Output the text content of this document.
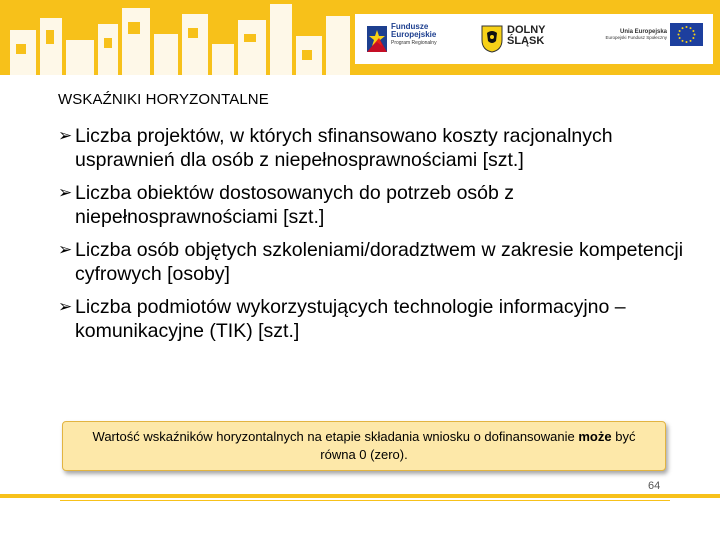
Fundusze
Europejskie
Program Regionalny
DOLNY
ŚLĄSK
Unia Europejska
Europejski Fundusz Społeczny
WSKAŹNIKI HORYZONTALNE
➢ Liczba projektów, w których sfinansowano koszty racjonalnych usprawnień dla osób z niepełnosprawnościami [szt.]
➢ Liczba obiektów dostosowanych do potrzeb osób z niepełnosprawnościami [szt.]
➢ Liczba osób objętych szkoleniami/doradztwem w zakresie kompetencji cyfrowych [osoby]
➢ Liczba podmiotów wykorzystujących technologie informacyjno – komunikacyjne (TIK) [szt.]
Wartość wskaźników horyzontalnych na etapie składania wniosku o dofinansowanie może być równa 0 (zero).
64
